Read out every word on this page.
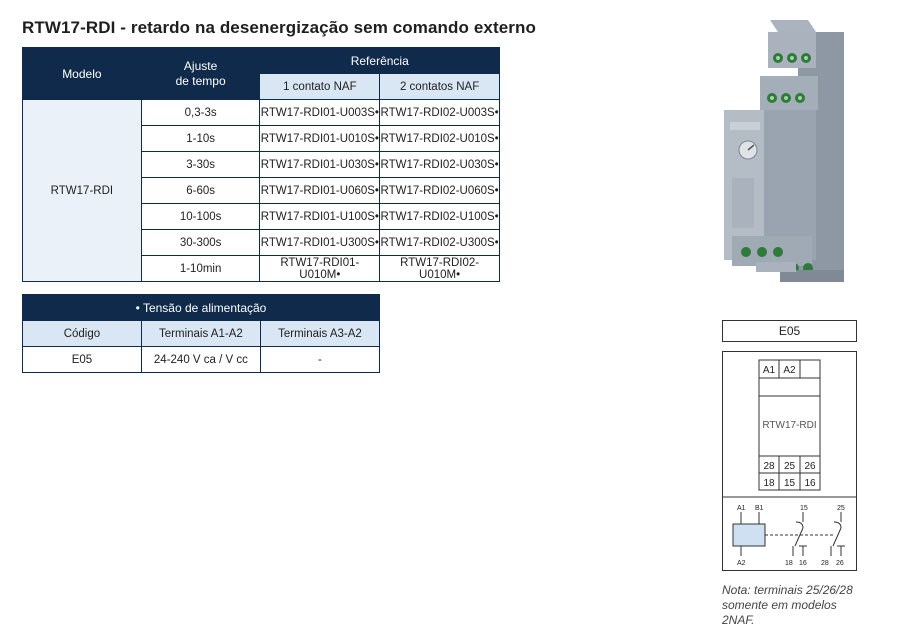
RTW17-RDI - retardo na desenergização sem comando externo
Modelo	Ajuste
de tempo	Referência	
		1 contato NAF	2 contatos NAF
RTW17-RDI	0,3-3s	RTW17-RDI01-U003S•	RTW17-RDI02-U003S•
	1-10s	RTW17-RDI01-U010S•	RTW17-RDI02-U010S•
	3-30s	RTW17-RDI01-U030S•	RTW17-RDI02-U030S•
	6-60s	RTW17-RDI01-U060S•	RTW17-RDI02-U060S•
	10-100s	RTW17-RDI01-U100S•	RTW17-RDI02-U100S•
	30-300s	RTW17-RDI01-U300S•	RTW17-RDI02-U300S•
	1-10min	RTW17-RDI01-U010M•	RTW17-RDI02-U010M•
• Tensão de alimentação		
Código	Terminais A1-A2	Terminais A3-A2
E05	24-240 V ca / V cc	-
E05
A1 A2
RTW17-RDI
28 25 26
18 15 16
A1 B1	15	25
A2	18 16 28 26
Nota: terminais 25/26/28 somente em modelos 2NAF.
